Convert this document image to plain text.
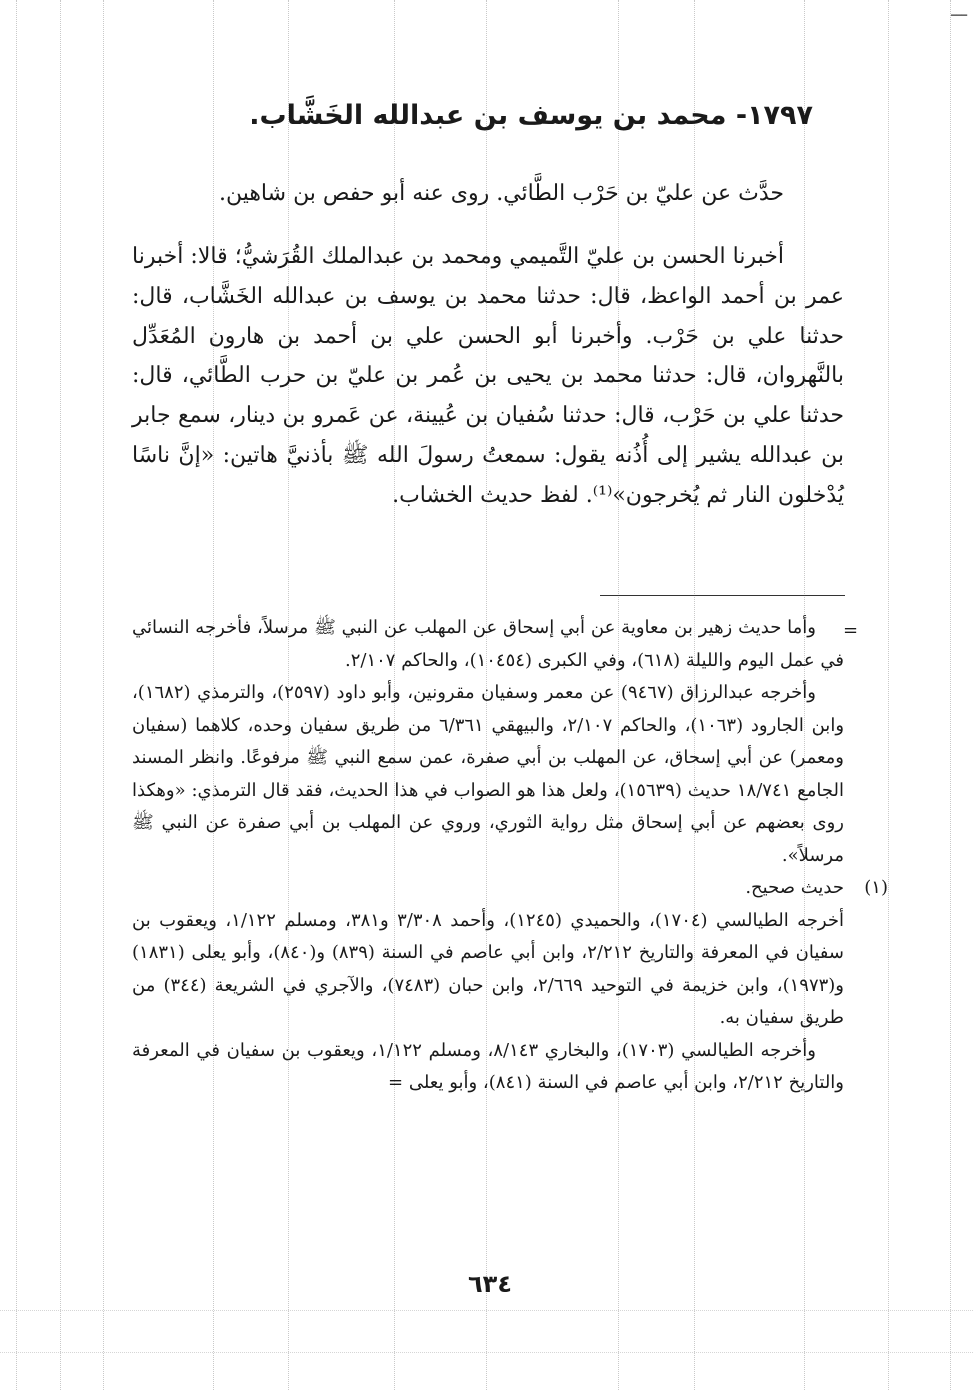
ـــ
١٧٩٧- محمد بن يوسف بن عبدالله الخَشَّاب.
حدَّث عن عليّ بن حَرْب الطَّائي. روى عنه أبو حفص بن شاهين.
أخبرنا الحسن بن عليّ التَّميمي ومحمد بن عبدالملك القُرَشيُّ؛ قالا: أخبرنا عمر بن أحمد الواعظ، قال: حدثنا محمد بن يوسف بن عبدالله الخَشَّاب، قال: حدثنا علي بن حَرْب. وأخبرنا أبو الحسن علي بن أحمد بن هارون المُعَدِّل بالنَّهروان، قال: حدثنا محمد بن يحيى بن عُمر بن عليّ بن حرب الطَّائي، قال: حدثنا علي بن حَرْب، قال: حدثنا سُفيان بن عُيينة، عن عَمرو بن دينار، سمع جابر بن عبدالله يشير إلى أُذُنه يقول: سمعتُ رسولَ الله ﷺ بأذنيَّ هاتين: «إنَّ ناسًا يُدْخلون النار ثم يُخرجون»⁽¹⁾. لفظ حديث الخشاب.
=

وأما حديث زهير بن معاوية عن أبي إسحاق عن المهلب عن النبي ﷺ مرسلاً، فأخرجه النسائي في عمل اليوم والليلة (٦١٨)، وفي الكبرى (١٠٤٥٤)، والحاكم ٢/١٠٧.

وأخرجه عبدالرزاق (٩٤٦٧) عن معمر وسفيان مقرونين، وأبو داود (٢٥٩٧)، والترمذي (١٦٨٢)، وابن الجارود (١٠٦٣)، والحاكم ٢/١٠٧، والبيهقي ٦/٣٦١ من طريق سفيان وحده، كلاهما (سفيان ومعمر) عن أبي إسحاق، عن المهلب بن أبي صفرة، عمن سمع النبي ﷺ مرفوعًا. وانظر المسند الجامع ١٨/٧٤١ حديث (١٥٦٣٩)، ولعل هذا هو الصواب في هذا الحديث، فقد قال الترمذي: «وهكذا روى بعضهم عن أبي إسحاق مثل رواية الثوري، وروي عن المهلب بن أبي صفرة عن النبي ﷺ مرسلاً».

(١)
حديث صحيح.

أخرجه الطيالسي (١٧٠٤)، والحميدي (١٢٤٥)، وأحمد ٣/٣٠٨ و٣٨١، ومسلم ١/١٢٢، ويعقوب بن سفيان في المعرفة والتاريخ ٢/٢١٢، وابن أبي عاصم في السنة (٨٣٩) و(٨٤٠)، وأبو يعلى (١٨٣١) و(١٩٧٣)، وابن خزيمة في التوحيد ٢/٦٦٩، وابن حبان (٧٤٨٣)، والآجري في الشريعة (٣٤٤) من طريق سفيان به.

وأخرجه الطيالسي (١٧٠٣)، والبخاري ٨/١٤٣، ومسلم ١/١٢٢، ويعقوب بن سفيان في المعرفة والتاريخ ٢/٢١٢، وابن أبي عاصم في السنة (٨٤١)، وأبو يعلى =

٦٣٤
